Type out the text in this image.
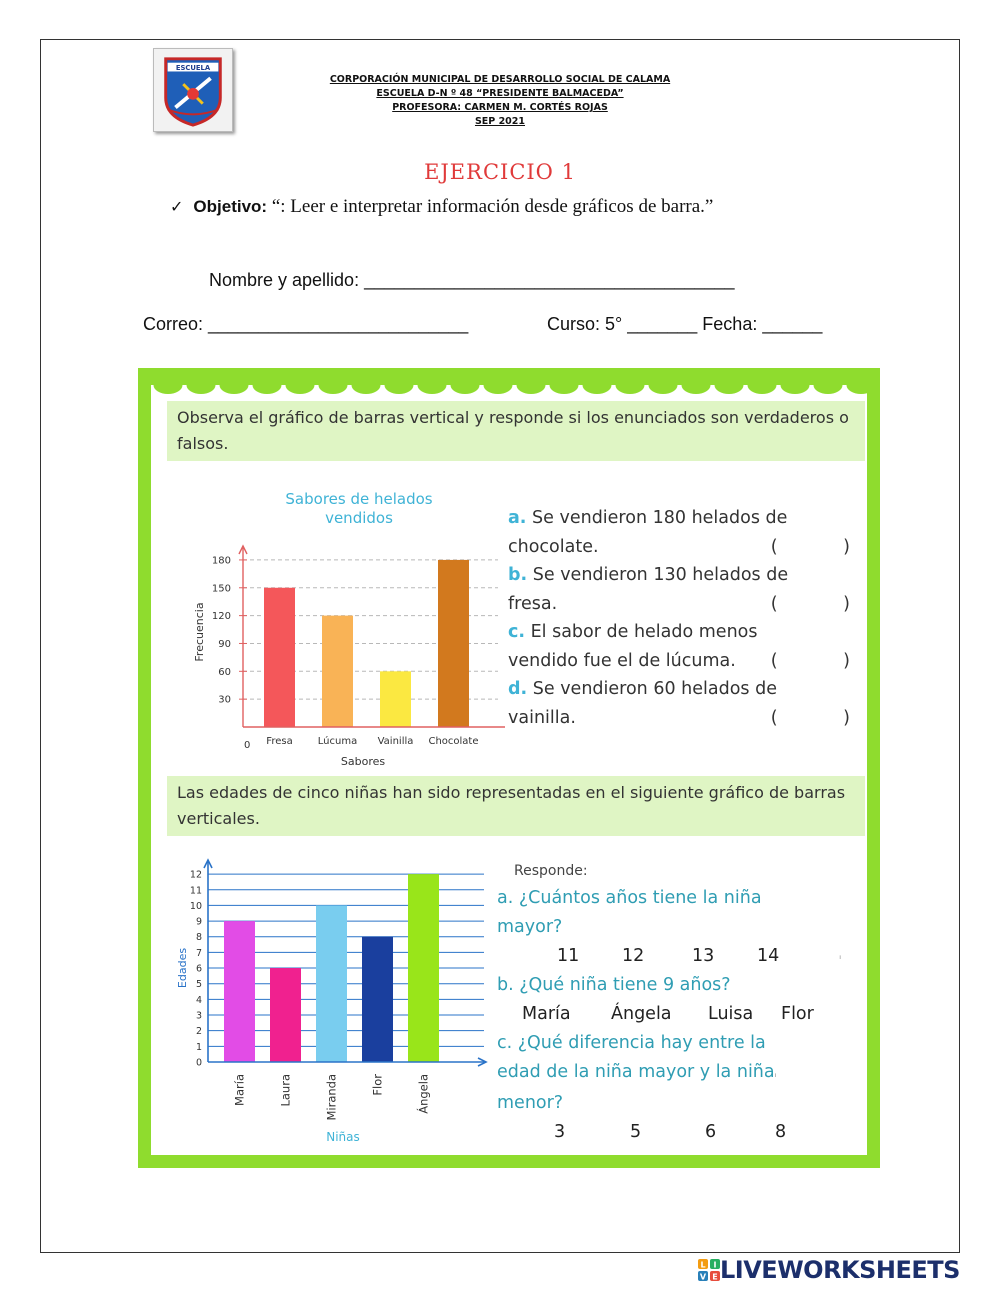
ESCUELA
CORPORACIÓN MUNICIPAL DE DESARROLLO SOCIAL DE CALAMA
ESCUELA D-N º 48 “PRESIDENTE BALMACEDA”
PROFESORA: CARMEN M. CORTÉS ROJAS
SEP 2021
EJERCICIO 1
✓ Objetivo: “: Leer e interpretar información desde gráficos de barra.”
Nombre y apellido: _____________________________________
Correo: __________________________	Curso: 5° _______ Fecha: ______
Observa el gráfico de barras vertical y responde si los enunciados son verdaderos o falsos.
Sabores de helados
vendidos
30
60
90
120
150
180
Fresa	Lúcuma Vainilla Chocolate
0
Sabores
Frecuencia
a. Se vendieron 180 helados de
chocolate.	( )
b. Se vendieron 130 helados de
fresa.	( )
c. El sabor de helado menos
vendido fue el de lúcuma. ( )
d. Se vendieron 60 helados de
vainilla.	( )
Las edades de cinco niñas han sido representadas en el siguiente gráfico de barras verticales.
0
1
2
3
4
5
6
7
8
9
10
11
12
María	Laura	Miranda	Flor	Ángela
Niñas
Edades
Responde:
a. ¿Cuántos años tiene la niña
mayor?
11	12	13	14	ᵢ
b. ¿Qué niña tiene 9 años?
María	Ángela	Luisa	Flor
c. ¿Qué diferencia hay entre la
edad de la niña mayor y la niñaᵢ
menor?
3	5	6	8
L I
V E LIVEWORKSHEETS
